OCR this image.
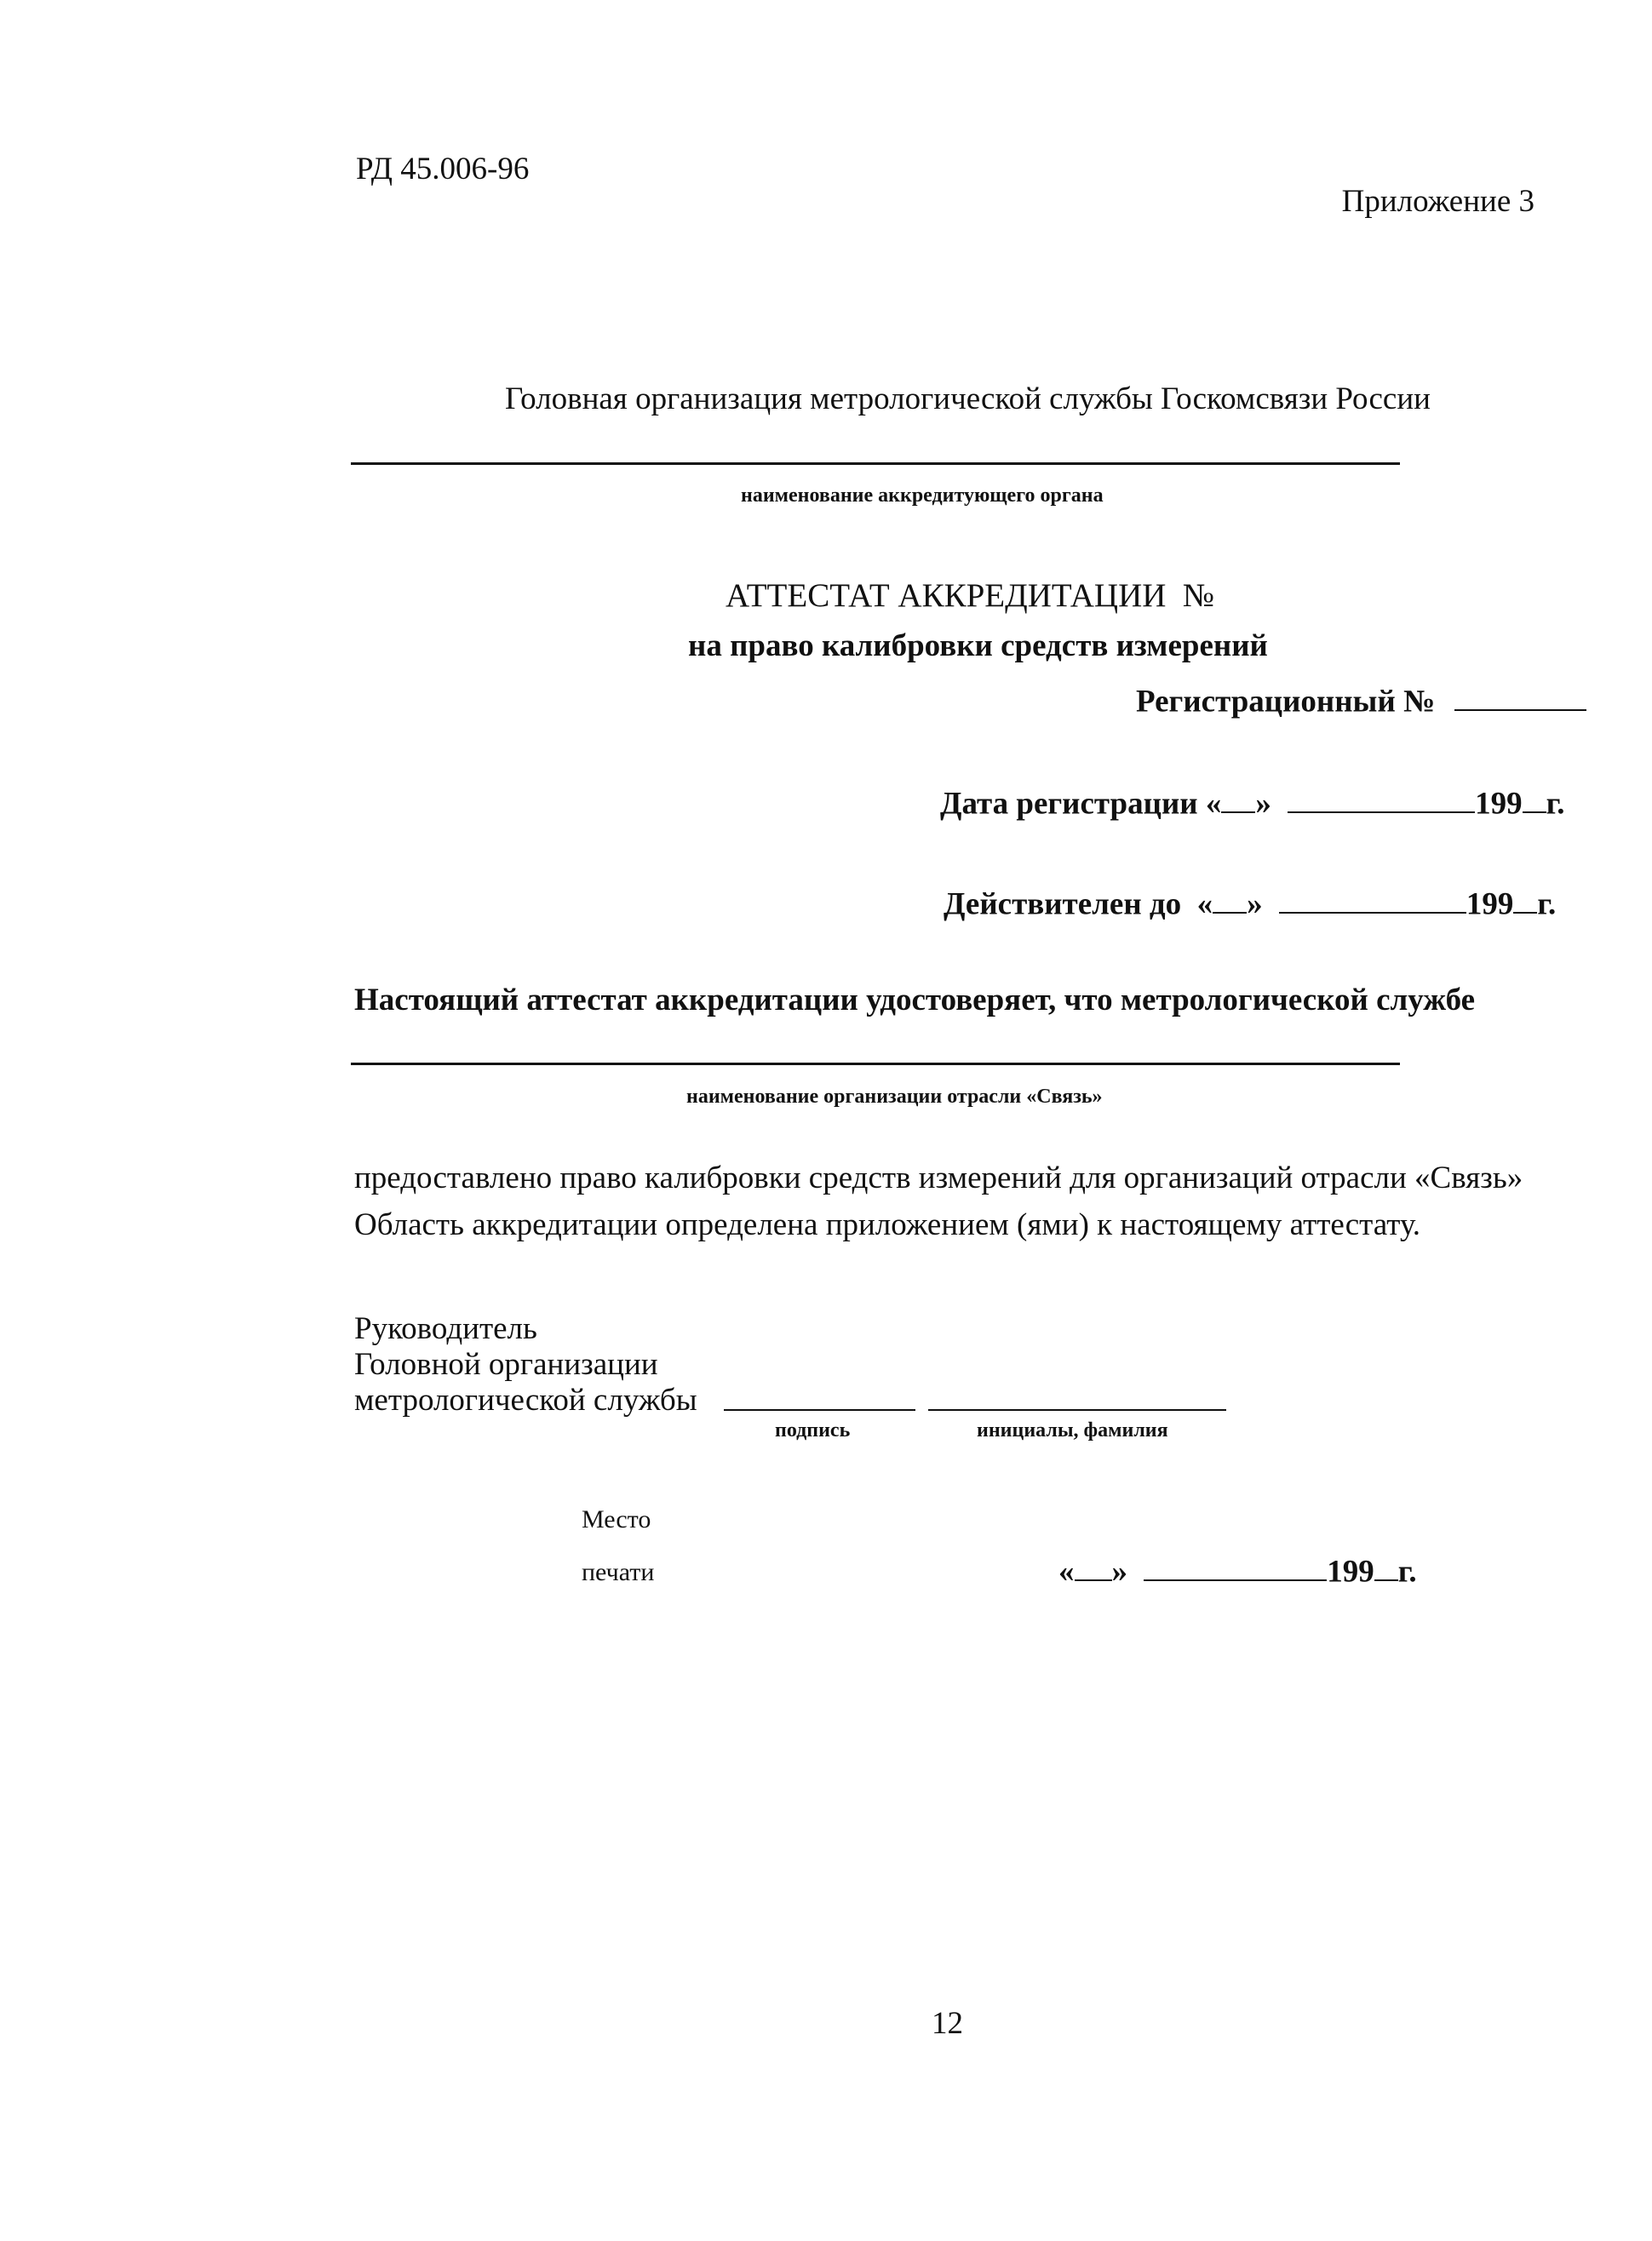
РД 45.006-96
Приложение 3
Головная организация метрологической службы Госкомсвязи России
наименование аккредитующего органа
АТТЕСТАТ АККРЕДИТАЦИИ №
на право калибровки средств измерений
Регистрационный №
Дата регистрации « »	199 г.
Действителен до « »	199 г.
Настоящий аттестат аккредитации удостоверяет, что метрологической службе
наименование организации отрасли «Связь»
предоставлено право калибровки средств измерений для организаций отрасли «Связь»
Область аккредитации определена приложением (ями) к настоящему аттестату.
Руководитель
Головной организации
метрологической службы
подпись	инициалы, фамилия
Место
печати	« »	199 г.
12
